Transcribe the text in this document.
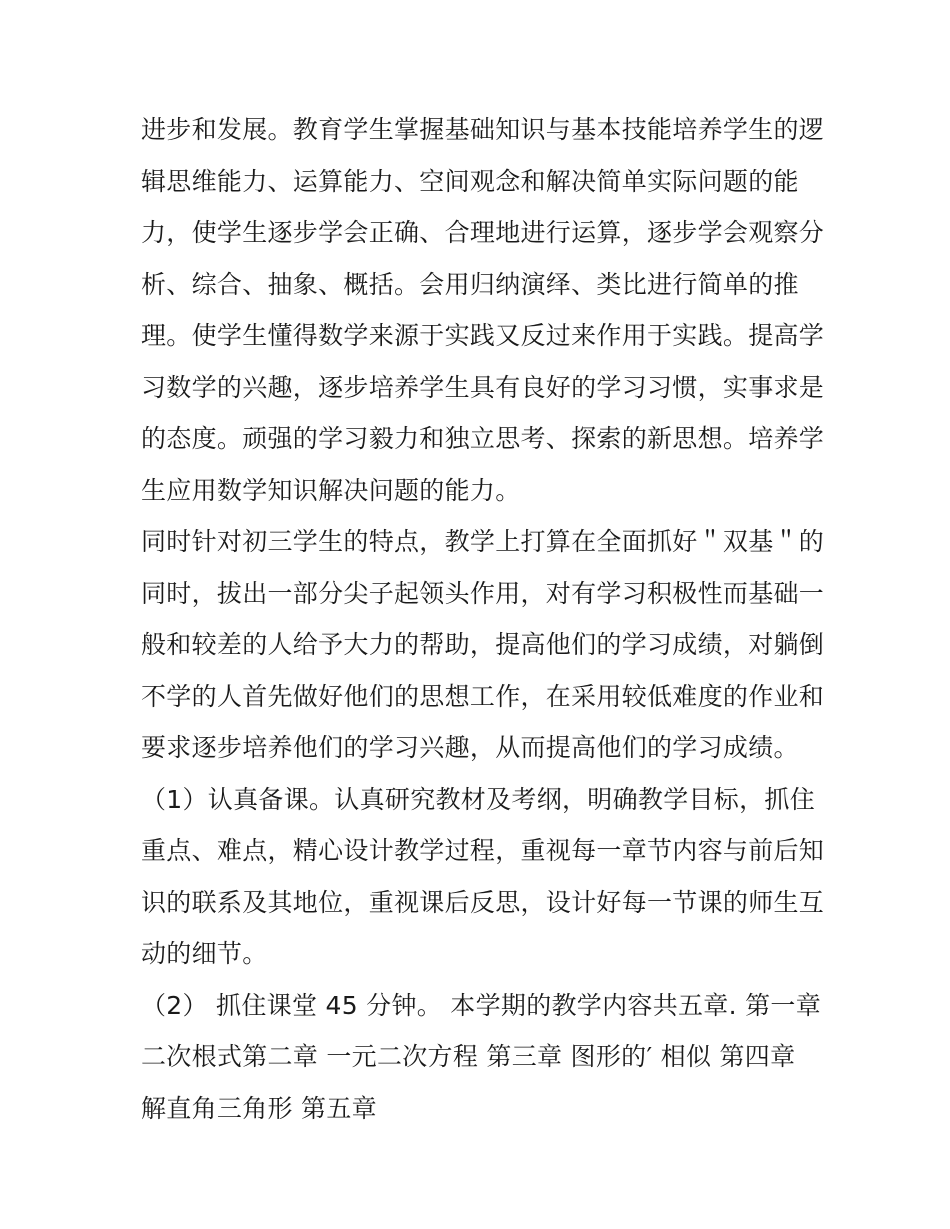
进步和发展。教育学生掌握基础知识与基本技能培养学生的逻
辑思维能力、运算能力、空间观念和解决简单实际问题的能
力，使学生逐步学会正确、合理地进行运算，逐步学会观察分
析、综合、抽象、概括。会用归纳演绎、类比进行简单的推
理。使学生懂得数学来源于实践又反过来作用于实践。提高学
习数学的兴趣，逐步培养学生具有良好的学习习惯，实事求是
的态度。顽强的学习毅力和独立思考、探索的新思想。培养学
生应用数学知识解决问题的能力。
同时针对初三学生的特点，教学上打算在全面抓好＂双基＂的
同时，拔出一部分尖子起领头作用，对有学习积极性而基础一
般和较差的人给予大力的帮助，提高他们的学习成绩，对躺倒
不学的人首先做好他们的思想工作，在采用较低难度的作业和
要求逐步培养他们的学习兴趣，从而提高他们的学习成绩。
（1）认真备课。认真研究教材及考纲，明确教学目标，抓住
重点、难点，精心设计教学过程，重视每一章节内容与前后知
识的联系及其地位，重视课后反思，设计好每一节课的师生互
动的细节。
（2） 抓住课堂 45 分钟。 本学期的教学内容共五章. 第一章
二次根式第二章 一元二次方程 第三章 图形的′ 相似 第四章
解直角三角形 第五章
